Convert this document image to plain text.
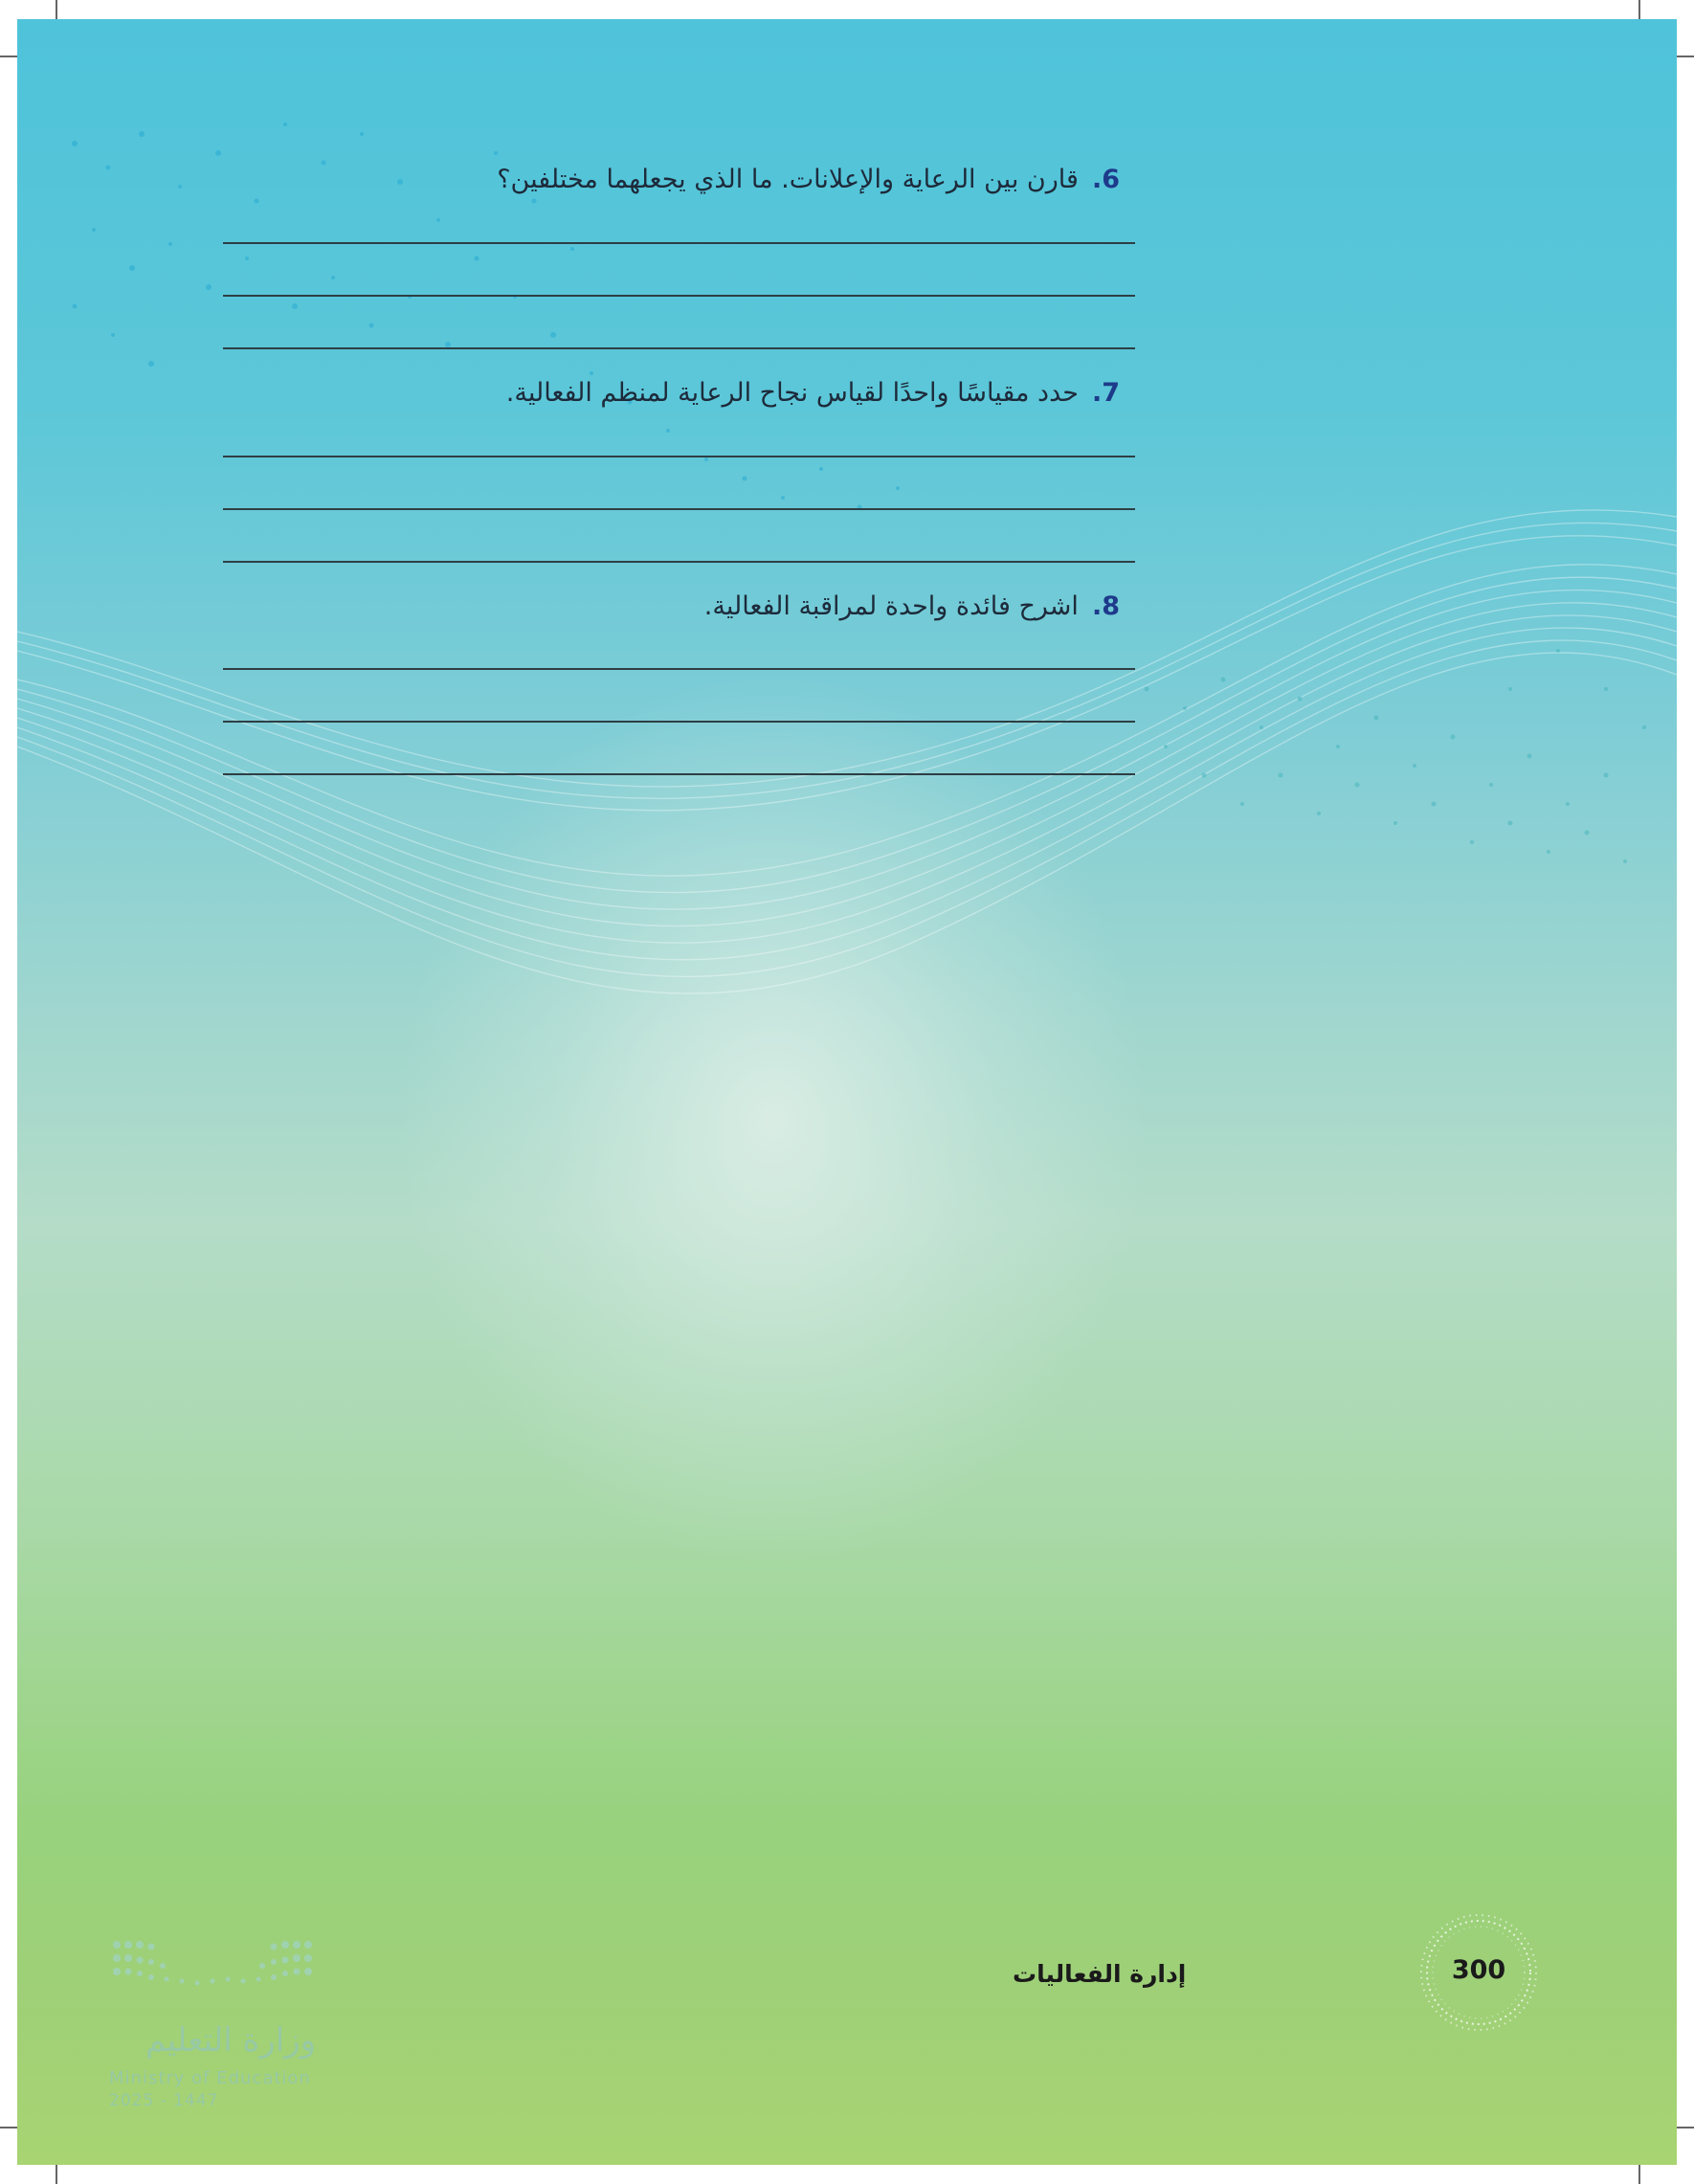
6.قارن بين الرعاية والإعلانات. ما الذي يجعلهما مختلفين؟
7.حدد مقياسًا واحدًا لقياس نجاح الرعاية لمنظم الفعالية.
8.اشرح فائدة واحدة لمراقبة الفعالية.
إدارة الفعاليات	300
وزارة التعليم
Ministry of Education
2025 - 1447
